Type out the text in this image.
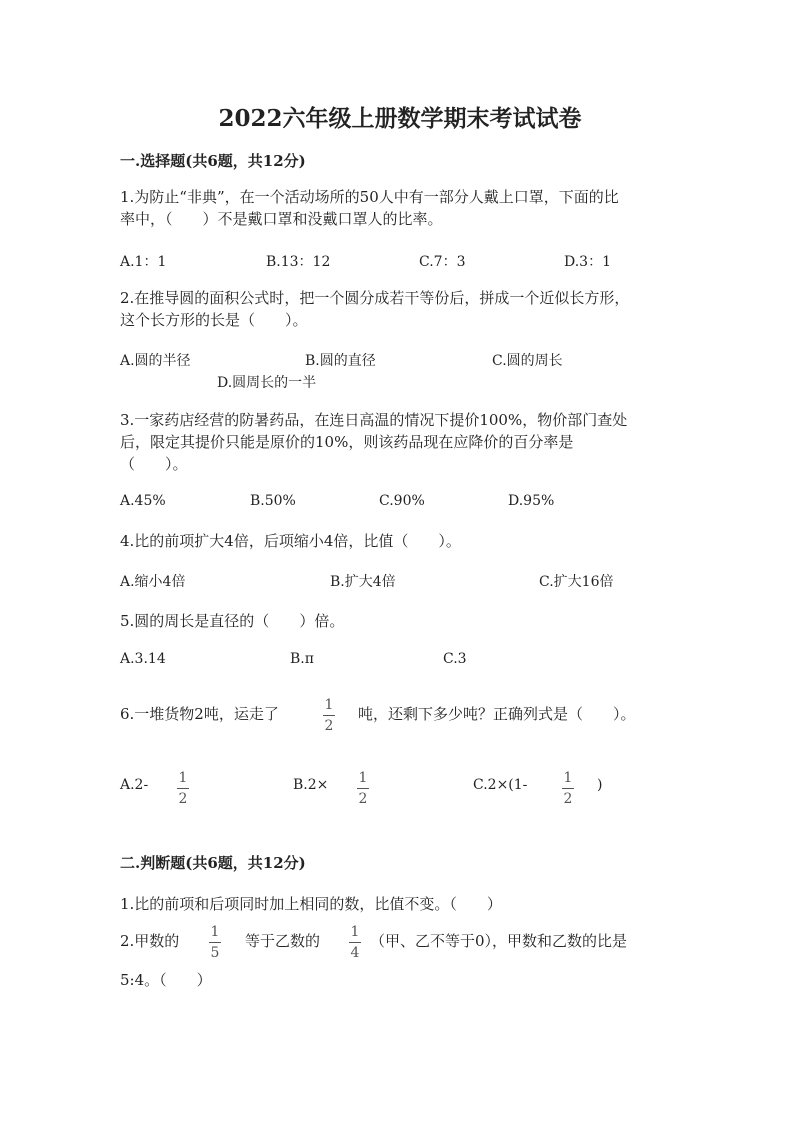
2022六年级上册数学期末考试试卷
一.选择题(共6题，共12分)
1.为防止“非典”，在一个活动场所的50人中有一部分人戴上口罩，下面的比
率中，（　　）不是戴口罩和没戴口罩人的比率。
A.1：1	B.13：12	C.7：3	D.3：1
2.在推导圆的面积公式时，把一个圆分成若干等份后，拼成一个近似长方形，
这个长方形的长是（　　）。
A.圆的半径	B.圆的直径	C.圆的周长
D.圆周长的一半
3.一家药店经营的防暑药品，在连日高温的情况下提价100%，物价部门查处
后，限定其提价只能是原价的10%，则该药品现在应降价的百分率是
（　　）。
A.45%	B.50%	C.90%	D.95%
4.比的前项扩大4倍，后项缩小4倍，比值（　　）。
A.缩小4倍	B.扩大4倍	C.扩大16倍
5.圆的周长是直径的（　　）倍。
A.3.14	B.π	C.3
6.一堆货物2吨，运走了	1
2
吨，还剩下多少吨？正确列式是（　　）。
A.2- 1
2
B.2× 1
2
C.2×(1-	1
2
)
二.判断题(共6题，共12分)
1.比的前项和后项同时加上相同的数，比值不变。（　　）
2.甲数的 1
5
等于乙数的 1
4
（甲、乙不等于0），甲数和乙数的比是
5:4。（　　）
